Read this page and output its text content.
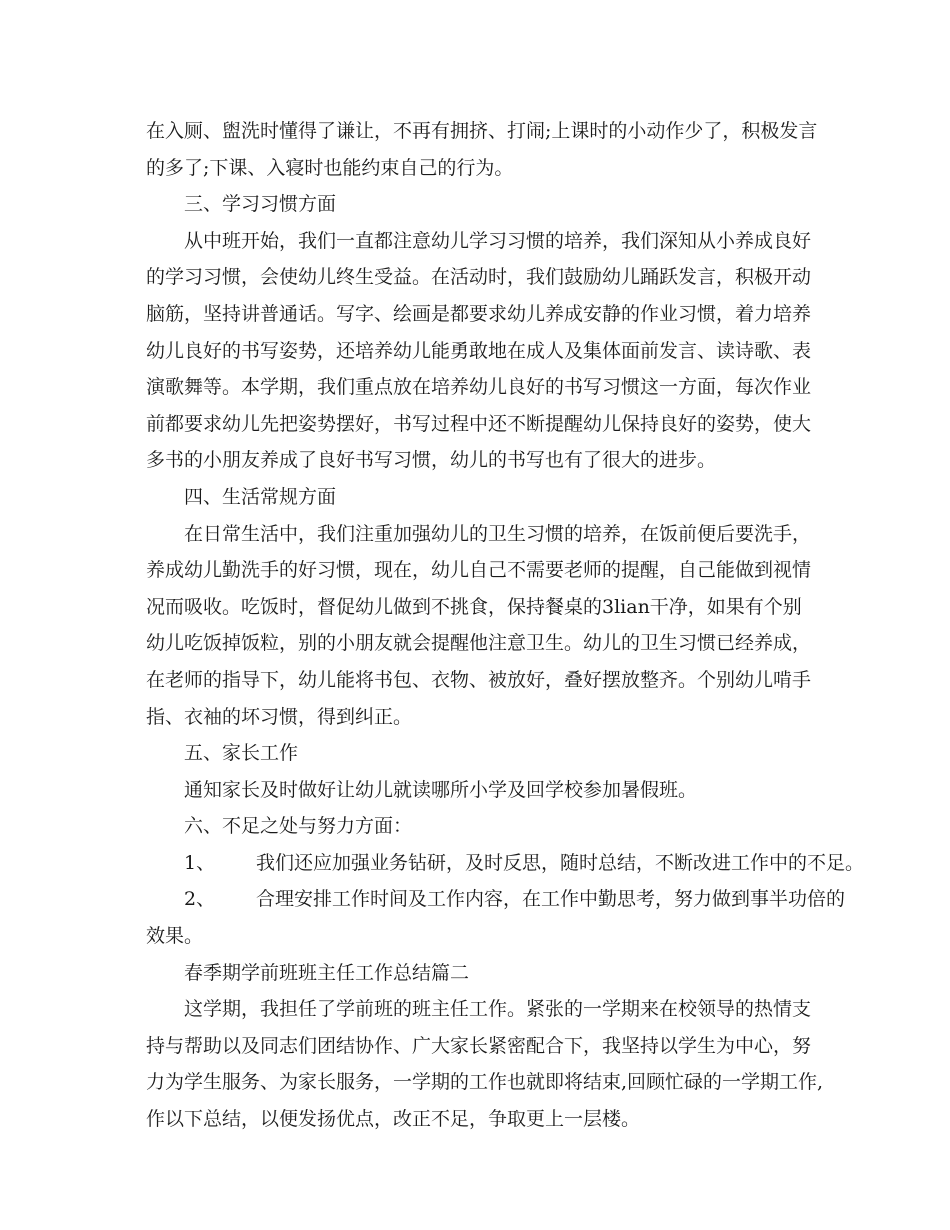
在入厕、盥洗时懂得了谦让，不再有拥挤、打闹;上课时的小动作少了，积极发言
的多了;下课、入寝时也能约束自己的行为。
三、学习习惯方面
从中班开始，我们一直都注意幼儿学习习惯的培养，我们深知从小养成良好
的学习习惯，会使幼儿终生受益。在活动时，我们鼓励幼儿踊跃发言，积极开动
脑筋，坚持讲普通话。写字、绘画是都要求幼儿养成安静的作业习惯，着力培养
幼儿良好的书写姿势，还培养幼儿能勇敢地在成人及集体面前发言、读诗歌、表
演歌舞等。本学期，我们重点放在培养幼儿良好的书写习惯这一方面，每次作业
前都要求幼儿先把姿势摆好，书写过程中还不断提醒幼儿保持良好的姿势，使大
多书的小朋友养成了良好书写习惯，幼儿的书写也有了很大的进步。
四、生活常规方面
在日常生活中，我们注重加强幼儿的卫生习惯的培养，在饭前便后要洗手，
养成幼儿勤洗手的好习惯，现在，幼儿自己不需要老师的提醒，自己能做到视情
况而吸收。吃饭时，督促幼儿做到不挑食，保持餐桌的3lian干净，如果有个别
幼儿吃饭掉饭粒，别的小朋友就会提醒他注意卫生。幼儿的卫生习惯已经养成，
在老师的指导下，幼儿能将书包、衣物、被放好，叠好摆放整齐。个别幼儿啃手
指、衣袖的坏习惯，得到纠正。
五、家长工作
通知家长及时做好让幼儿就读哪所小学及回学校参加暑假班。
六、不足之处与努力方面：
1、 我们还应加强业务钻研，及时反思，随时总结，不断改进工作中的不足。
2、 合理安排工作时间及工作内容，在工作中勤思考，努力做到事半功倍的
效果。
春季期学前班班主任工作总结篇二
这学期，我担任了学前班的班主任工作。紧张的一学期来在校领导的热情支
持与帮助以及同志们团结协作、广大家长紧密配合下，我坚持以学生为中心，努
力为学生服务、为家长服务，一学期的工作也就即将结束,回顾忙碌的一学期工作,
作以下总结，以便发扬优点，改正不足，争取更上一层楼。
